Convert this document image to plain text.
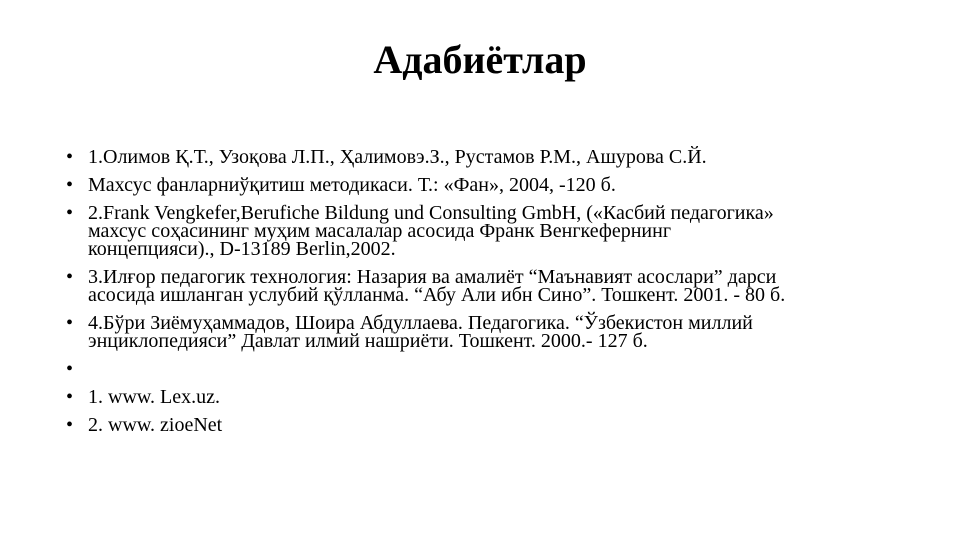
Адабиётлар
• 1.Олимов Қ.Т., Узоқова Л.П., Ҳалимовэ.З., Рустамов Р.М., Ашурова С.Й.
• Махсус фанларниўқитиш методикаси. Т.: «Фан», 2004, -120 б.
• 2.Frank Vengkefer,Berufiche Bildung und Consulting GmbH, («Касбий педагогика»
махсус соҳасининг муҳим масалалар асосида Франк Венгкефернинг
концепцияси)., D-13189 Berlin,2002.
• 3.Илғор педагогик технология: Назария ва амалиёт “Маънавият асослари” дарси
асосида ишланган услубий қўлланма. “Абу Али ибн Сино”. Тошкент. 2001. - 80 б.
• 4.Бўри Зиёмуҳаммадов, Шоира Абдуллаева. Педагогика. “Ўзбекистон миллий
энциклопедияси” Давлат илмий нашриёти. Тошкент. 2000.- 127 б.
•
• 1. www. Lex.uz.
• 2. www. zioeNet
